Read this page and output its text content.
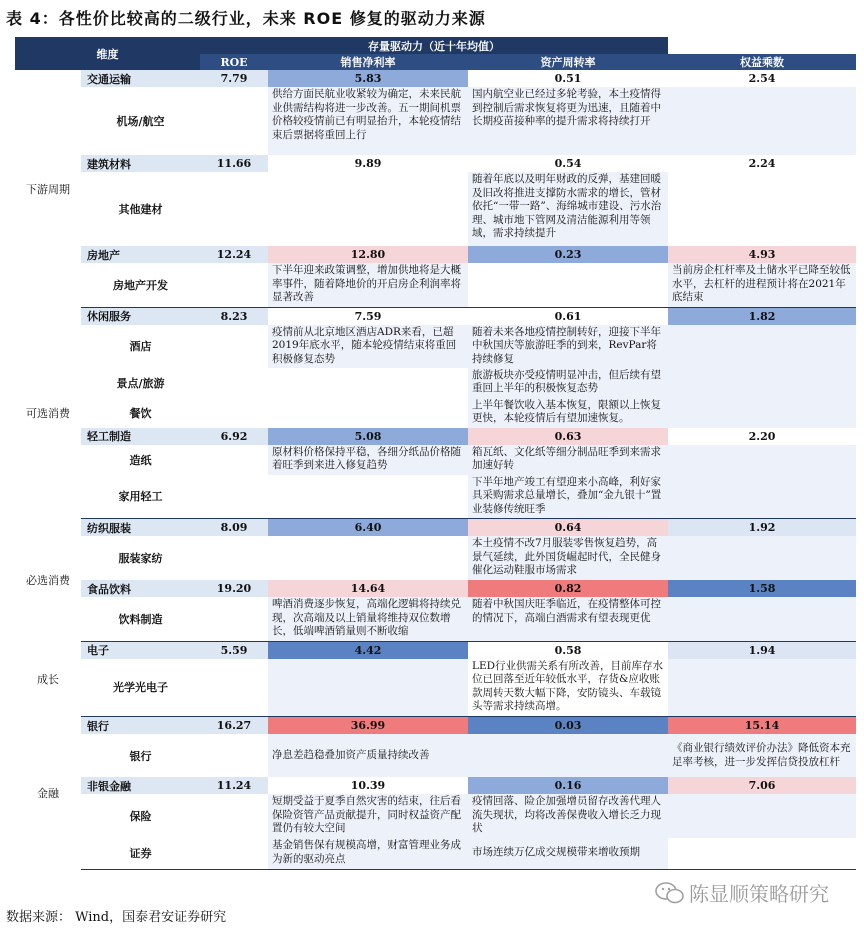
表 4：各性价比较高的二级行业，未来 ROE 修复的驱动力来源
维度		存量驱动力（近十年均值）			
		ROE	销售净利率	资产周转率	权益乘数
下游周期	交通运输	7.79	5.83	0.51	2.54
	机场/航空		供给方面民航业收紧较为确定，未来民航业供需结构将进一步改善。五一期间机票价格较疫情前已有明显抬升，本轮疫情结束后票据将重回上行	国内航空业已经过多轮考验，本土疫情得到控制后需求恢复将更为迅速，且随着中长期疫苗接种率的提升需求将持续打开	
	建筑材料	11.66	9.89	0.54	2.24
	其他建材			随着年底以及明年财政的反弹，基建回暖及旧改将推进支撑防水需求的增长，管材依托“一带一路”、海绵城市建设、污水治理、城市地下管网及清洁能源利用等领域，需求持续提升	
	房地产	12.24	12.80	0.23	4.93
	房地产开发		下半年迎来政策调整，增加供地将是大概率事件，随着降地价的开启房企利润率将显著改善		当前房企杠杆率及土储水平已降至较低水平，去杠杆的进程预计将在2021年底结束
可选消费	休闲服务	8.23	7.59	0.61	1.82
	酒店		疫情前从北京地区酒店ADR来看，已超2019年底水平，随本轮疫情结束将重回积极修复态势	随着未来各地疫情控制转好，迎接下半年中秋国庆等旅游旺季的到来，RevPar将持续修复	
	景点/旅游			旅游板块亦受疫情明显冲击，但后续有望重回上半年的积极恢复态势	
	餐饮			上半年餐饮收入基本恢复，限额以上恢复更快，本轮疫情后有望加速恢复。	
	轻工制造	6.92	5.08	0.63	2.20
	造纸		原材料价格保持平稳，各细分纸品价格随着旺季到来进入修复趋势	箱瓦纸、文化纸等细分制品旺季到来需求加速好转	
	家用轻工			下半年地产竣工有望迎来小高峰，利好家具采购需求总量增长，叠加“金九银十”置业装修传统旺季	
必选消费	纺织服装	8.09	6.40	0.64	1.92
	服装家纺			本土疫情不改7月服装零售恢复趋势，高景气延续，此外国货崛起时代，全民健身催化运动鞋服市场需求	
	食品饮料	19.20	14.64	0.82	1.58
	饮料制造		啤酒消费逐步恢复，高端化逻辑将持续兑现，次高端及以上销量将维持双位数增长，低端啤酒销量则不断收缩	随着中秋国庆旺季临近，在疫情整体可控的情况下，高端白酒需求有望表现更优	
成长	电子	5.59	4.42	0.58	1.94
	光学光电子			LED行业供需关系有所改善，目前库存水位已回落至近年较低水平，存货&应收账款周转天数大幅下降，安防镜头、车载镜头等需求持续高增。	
金融	银行	16.27	36.99	0.03	15.14
	银行		净息差趋稳叠加资产质量持续改善		《商业银行绩效评价办法》降低资本充足率考核，进一步发挥信贷投放杠杆
	非银金融	11.24	10.39	0.16	7.06
	保险		短期受益于夏季自然灾害的结束，往后看保险资管产品贡献提升，同时权益资产配置仍有较大空间	疫情回落、险企加强增员留存改善代理人流失现状，均将改善保费收入增长乏力现状	
	证券		基金销售保有规模高增，财富管理业务成为新的驱动亮点	市场连续万亿成交规模带来增收预期	
数据来源： Wind，国泰君安证券研究
陈显顺策略研究
